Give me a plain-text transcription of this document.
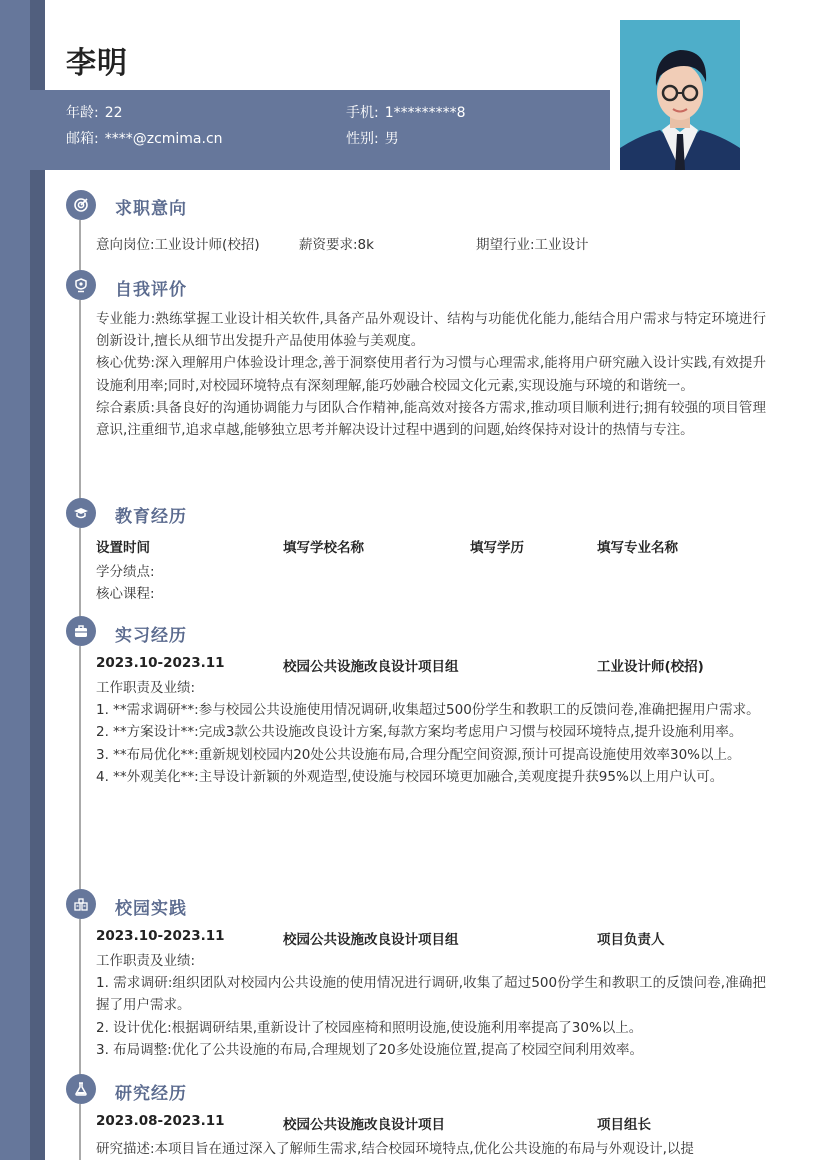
李明
年龄: 22	手机: 1*********8
邮箱: ****@zcmima.cn	性别: 男
求职意向
意向岗位:工业设计师(校招)	薪资要求:8k	期望行业:工业设计
自我评价
专业能力:熟练掌握工业设计相关软件,具备产品外观设计、结构与功能优化能力,能结合用户需求与特定环境进行创新设计,擅长从细节出发提升产品使用体验与美观度。
核心优势:深入理解用户体验设计理念,善于洞察使用者行为习惯与心理需求,能将用户研究融入设计实践,有效提升设施利用率;同时,对校园环境特点有深刻理解,能巧妙融合校园文化元素,实现设施与环境的和谐统一。
综合素质:具备良好的沟通协调能力与团队合作精神,能高效对接各方需求,推动项目顺利进行;拥有较强的项目管理意识,注重细节,追求卓越,能够独立思考并解决设计过程中遇到的问题,始终保持对设计的热情与专注。
教育经历
设置时间	填写学校名称	填写学历	填写专业名称
学分绩点:
核心课程:
实习经历
2023.10-2023.11	校园公共设施改良设计项目组	工业设计师(校招)
工作职责及业绩:
1. **需求调研**:参与校园公共设施使用情况调研,收集超过500份学生和教职工的反馈问卷,准确把握用户需求。
2. **方案设计**:完成3款公共设施改良设计方案,每款方案均考虑用户习惯与校园环境特点,提升设施利用率。
3. **布局优化**:重新规划校园内20处公共设施布局,合理分配空间资源,预计可提高设施使用效率30%以上。
4. **外观美化**:主导设计新颖的外观造型,使设施与校园环境更加融合,美观度提升获95%以上用户认可。
校园实践
2023.10-2023.11	校园公共设施改良设计项目组	项目负责人
工作职责及业绩:
1. 需求调研:组织团队对校园内公共设施的使用情况进行调研,收集了超过500份学生和教职工的反馈问卷,准确把握了用户需求。
2. 设计优化:根据调研结果,重新设计了校园座椅和照明设施,使设施利用率提高了30%以上。
3. 布局调整:优化了公共设施的布局,合理规划了20多处设施位置,提高了校园空间利用效率。
研究经历
2023.08-2023.11	校园公共设施改良设计项目	项目组长
研究描述:本项目旨在通过深入了解师生需求,结合校园环境特点,优化公共设施的布局与外观设计,以提
